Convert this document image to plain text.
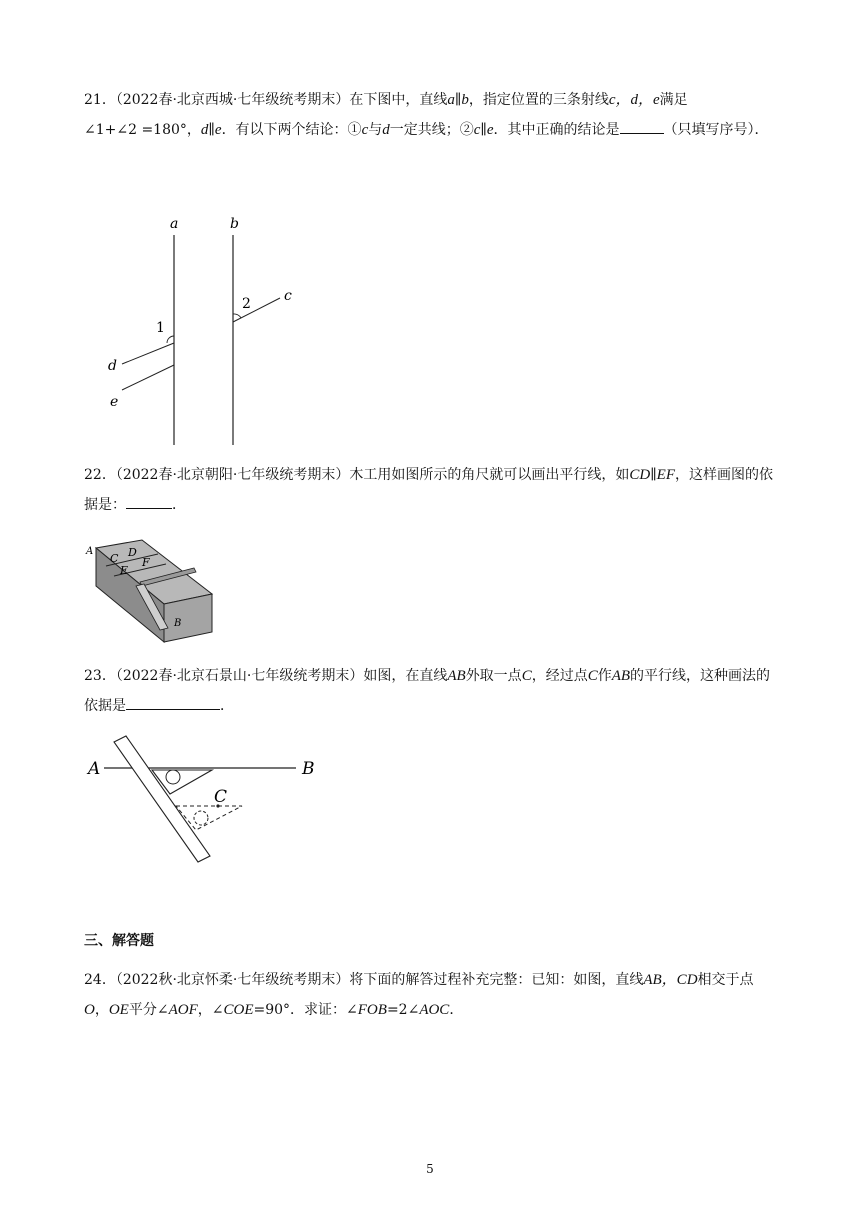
21．（2022春·北京西城·七年级统考期末）在下图中，直线a∥b，指定位置的三条射线c，d，e满足
∠1+∠2 =180°，d∥e．有以下两个结论：①c与d一定共线；②c∥e．其中正确的结论是	（只填写序号）．
a	b
c
d
e
1
2
22．（2022春·北京朝阳·七年级统考期末）木工用如图所示的角尺就可以画出平行线，如CD∥EF，这样画图的依据是：	．
A
C D
E
F
B
23．（2022春·北京石景山·七年级统考期末）如图，在直线AB外取一点C，经过点C作AB的平行线，这种画法的依据是	．
A	B
C
三、解答题
24．（2022秋·北京怀柔·七年级统考期末）将下面的解答过程补充完整：已知：如图，直线AB，CD相交于点
O，OE平分∠AOF，∠COE=90°．求证：∠FOB=2∠AOC．
5
